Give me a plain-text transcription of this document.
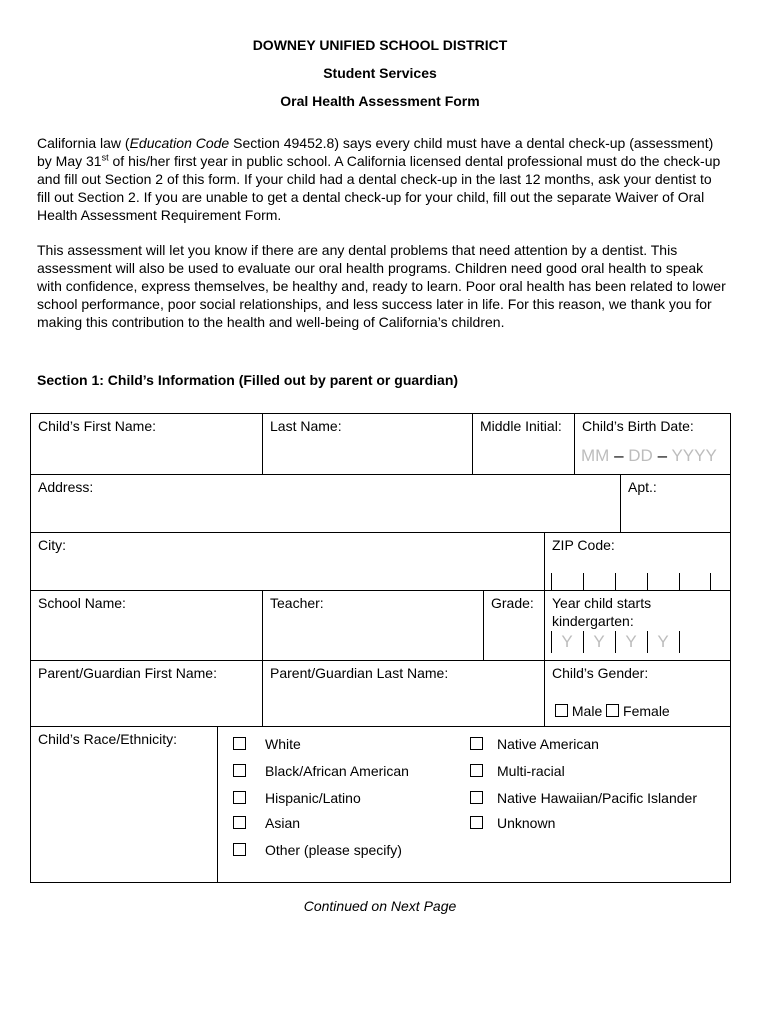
DOWNEY UNIFIED SCHOOL DISTRICT
Student Services
Oral Health Assessment Form

California law (Education Code Section 49452.8) says every child must have a dental check-up (assessment) by May 31st of his/her first year in public school. A California licensed dental professional must do the check-up and fill out Section 2 of this form. If your child had a dental check-up in the last 12 months, ask your dentist to fill out Section 2. If you are unable to get a dental check-up for your child, fill out the separate Waiver of Oral Health Assessment Requirement Form.

This assessment will let you know if there are any dental problems that need attention by a dentist. This assessment will also be used to evaluate our oral health programs. Children need good oral health to speak with confidence, express themselves, be healthy and, ready to learn. Poor oral health has been related to lower school performance, poor social relationships, and less success later in life. For this reason, we thank you for making this contribution to the health and well-being of California’s children.

Section 1: Child’s Information (Filled out by parent or guardian)
Child’s First Name:	Last Name:	Middle Initial: Child’s Birth Date:
MM – DD – YYYY
Address:	Apt.:
City:	ZIP Code:
School Name:	Teacher:	Grade: Year child starts kindergarten:
Y	Y	Y	Y
Parent/Guardian First Name:	Parent/Guardian Last Name:	Child’s Gender:
Male Female
Child’s Race/Ethnicity:	White
Black/African American
Hispanic/Latino
Asian
Other (please specify)
Native American
Multi-racial
Native Hawaiian/Pacific Islander
Unknown
Continued on Next Page
